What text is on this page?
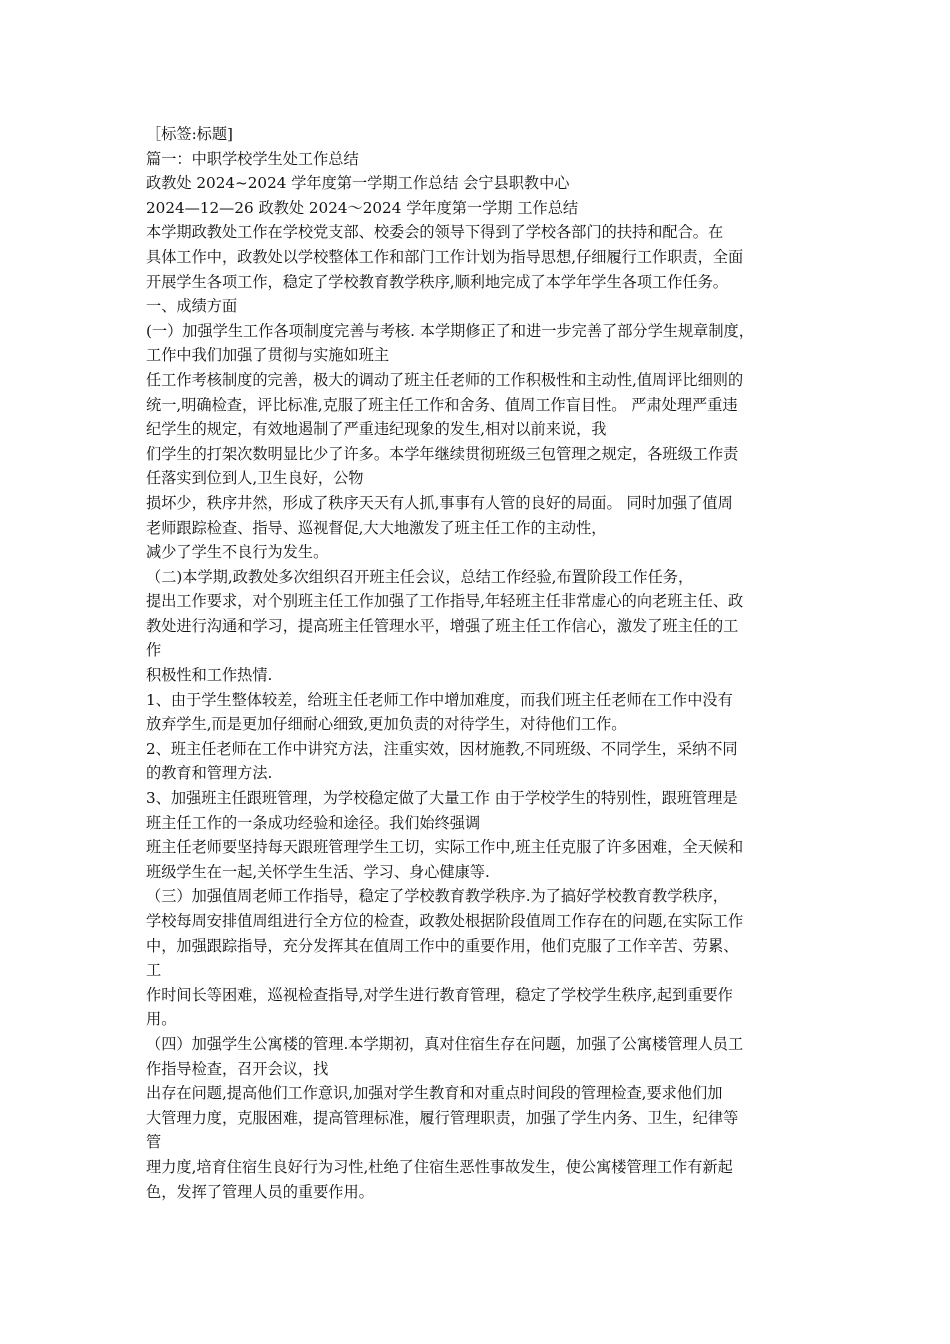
［标签:标题]
篇一：中职学校学生处工作总结
政教处 2024~2024 学年度第一学期工作总结 会宁县职教中心
2024—12—26 政教处 2024～2024 学年度第一学期 工作总结
本学期政教处工作在学校党支部、校委会的领导下得到了学校各部门的扶持和配合。在
具体工作中，政教处以学校整体工作和部门工作计划为指导思想,仔细履行工作职责，全面
开展学生各项工作，稳定了学校教育教学秩序,顺利地完成了本学年学生各项工作任务。
一、成绩方面
(一）加强学生工作各项制度完善与考核. 本学期修正了和进一步完善了部分学生规章制度，
工作中我们加强了贯彻与实施如班主
任工作考核制度的完善，极大的调动了班主任老师的工作积极性和主动性,值周评比细则的
统一,明确检查，评比标准,克服了班主任工作和舍务、值周工作盲目性。 严肃处理严重违
纪学生的规定，有效地遏制了严重违纪现象的发生,相对以前来说，我
们学生的打架次数明显比少了许多。本学年继续贯彻班级三包管理之规定，各班级工作责
任落实到位到人,卫生良好，公物
损坏少，秩序井然，形成了秩序天天有人抓,事事有人管的良好的局面。 同时加强了值周
老师跟踪检查、指导、巡视督促,大大地激发了班主任工作的主动性，
减少了学生不良行为发生。
（二)本学期,政教处多次组织召开班主任会议，总结工作经验,布置阶段工作任务，
提出工作要求，对个别班主任工作加强了工作指导,年轻班主任非常虚心的向老班主任、政
教处进行沟通和学习，提高班主任管理水平，增强了班主任工作信心，激发了班主任的工
作
积极性和工作热情.
1、由于学生整体较差，给班主任老师工作中增加难度，而我们班主任老师在工作中没有
放弃学生,而是更加仔细耐心细致,更加负责的对待学生，对待他们工作。
2、班主任老师在工作中讲究方法，注重实效，因材施教,不同班级、不同学生，采纳不同
的教育和管理方法.
3、加强班主任跟班管理，为学校稳定做了大量工作 由于学校学生的特别性，跟班管理是
班主任工作的一条成功经验和途径。我们始终强调
班主任老师要坚持每天跟班管理学生工切，实际工作中,班主任克服了许多困难，全天候和
班级学生在一起,关怀学生生活、学习、身心健康等.
（三）加强值周老师工作指导，稳定了学校教育教学秩序.为了搞好学校教育教学秩序，
学校每周安排值周组进行全方位的检查，政教处根据阶段值周工作存在的问题,在实际工作
中，加强跟踪指导，充分发挥其在值周工作中的重要作用，他们克服了工作辛苦、劳累、
工
作时间长等困难，巡视检查指导,对学生进行教育管理，稳定了学校学生秩序,起到重要作
用。
（四）加强学生公寓楼的管理.本学期初，真对住宿生存在问题，加强了公寓楼管理人员工
作指导检查，召开会议，找
出存在问题,提高他们工作意识,加强对学生教育和对重点时间段的管理检查,要求他们加
大管理力度，克服困难，提高管理标准，履行管理职责，加强了学生内务、卫生，纪律等
管
理力度,培育住宿生良好行为习性,杜绝了住宿生恶性事故发生，使公寓楼管理工作有新起
色，发挥了管理人员的重要作用。
